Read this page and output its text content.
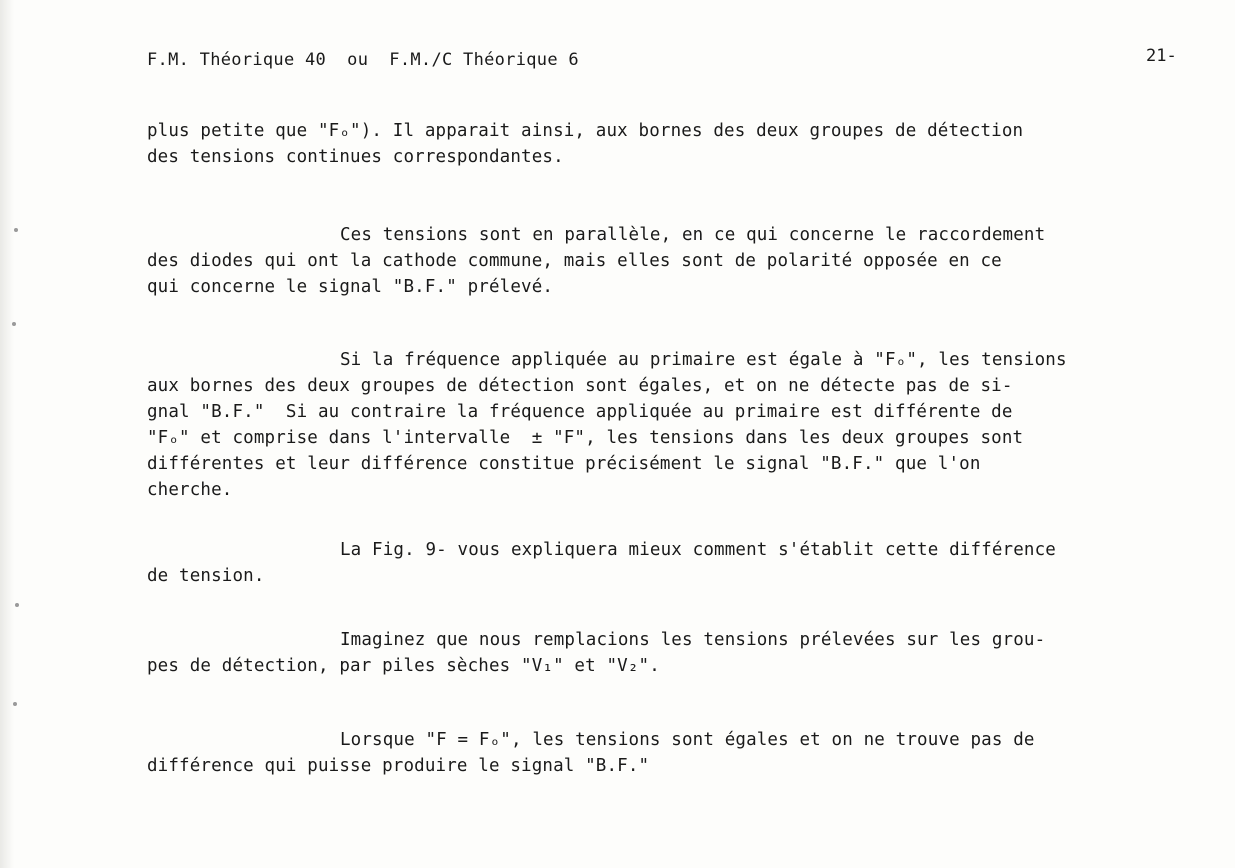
F.M. Théorique 40  ou  F.M./C Théorique 6	21-
plus petite que "Fₒ"). Il apparait ainsi, aux bornes des deux groupes de détection
des tensions continues correspondantes.
Ces tensions sont en parallèle, en ce qui concerne le raccordement
des diodes qui ont la cathode commune, mais elles sont de polarité opposée en ce
qui concerne le signal "B.F." prélevé.
Si la fréquence appliquée au primaire est égale à "Fₒ", les tensions
aux bornes des deux groupes de détection sont égales, et on ne détecte pas de si-
gnal "B.F."  Si au contraire la fréquence appliquée au primaire est différente de
"Fₒ" et comprise dans l'intervalle  ± "F", les tensions dans les deux groupes sont
différentes et leur différence constitue précisément le signal "B.F." que l'on
cherche.
La Fig. 9- vous expliquera mieux comment s'établit cette différence
de tension.
Imaginez que nous remplacions les tensions prélevées sur les grou-
pes de détection, par piles sèches "V₁" et "V₂".
Lorsque "F = Fₒ", les tensions sont égales et on ne trouve pas de
différence qui puisse produire le signal "B.F."
